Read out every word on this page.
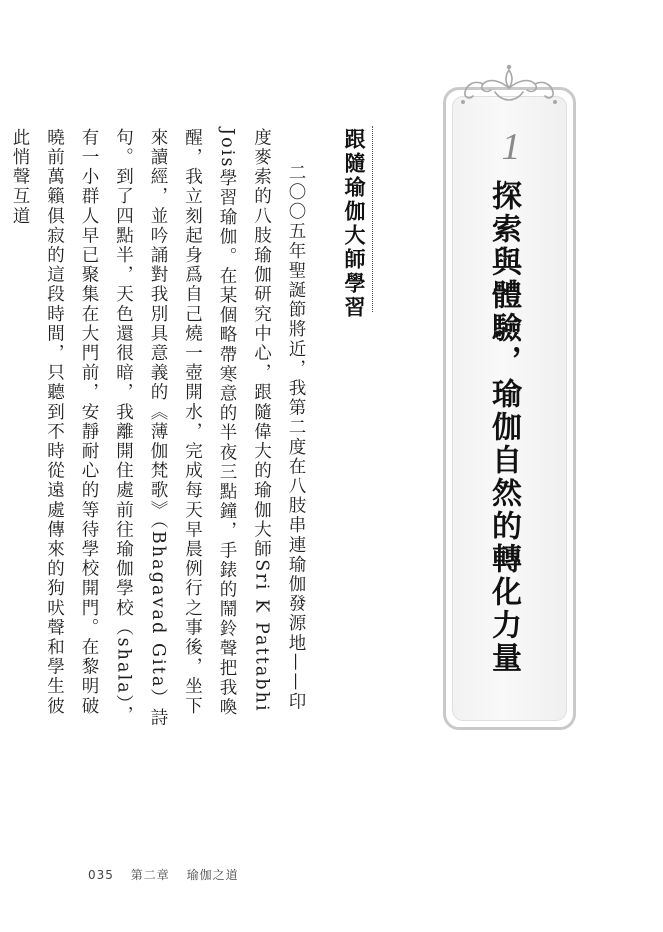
1
探索與體驗，瑜伽自然的轉化力量
跟隨瑜伽大師學習

二〇〇五年聖誕節將近，我第二度在八肢串連瑜伽發源地——印度麥索的八肢瑜伽研究中心，跟隨偉大的瑜伽大師Sri K Pattabhi Jois學習瑜伽。在某個略帶寒意的半夜三點鐘，手錶的鬧鈴聲把我喚醒，我立刻起身爲自己燒一壺開水，完成每天早晨例行之事後，坐下來讀經，並吟誦對我別具意義的《薄伽梵歌》（Bhagavad Gita）詩句。到了四點半，天色還很暗，我離開住處前往瑜伽學校（shala），有一小群人早已聚集在大門前，安靜耐心的等待學校開門。在黎明破曉前萬籟俱寂的這段時間，只聽到不時從遠處傳來的狗吠聲和學生彼此悄聲互道

035 第二章 瑜伽之道
